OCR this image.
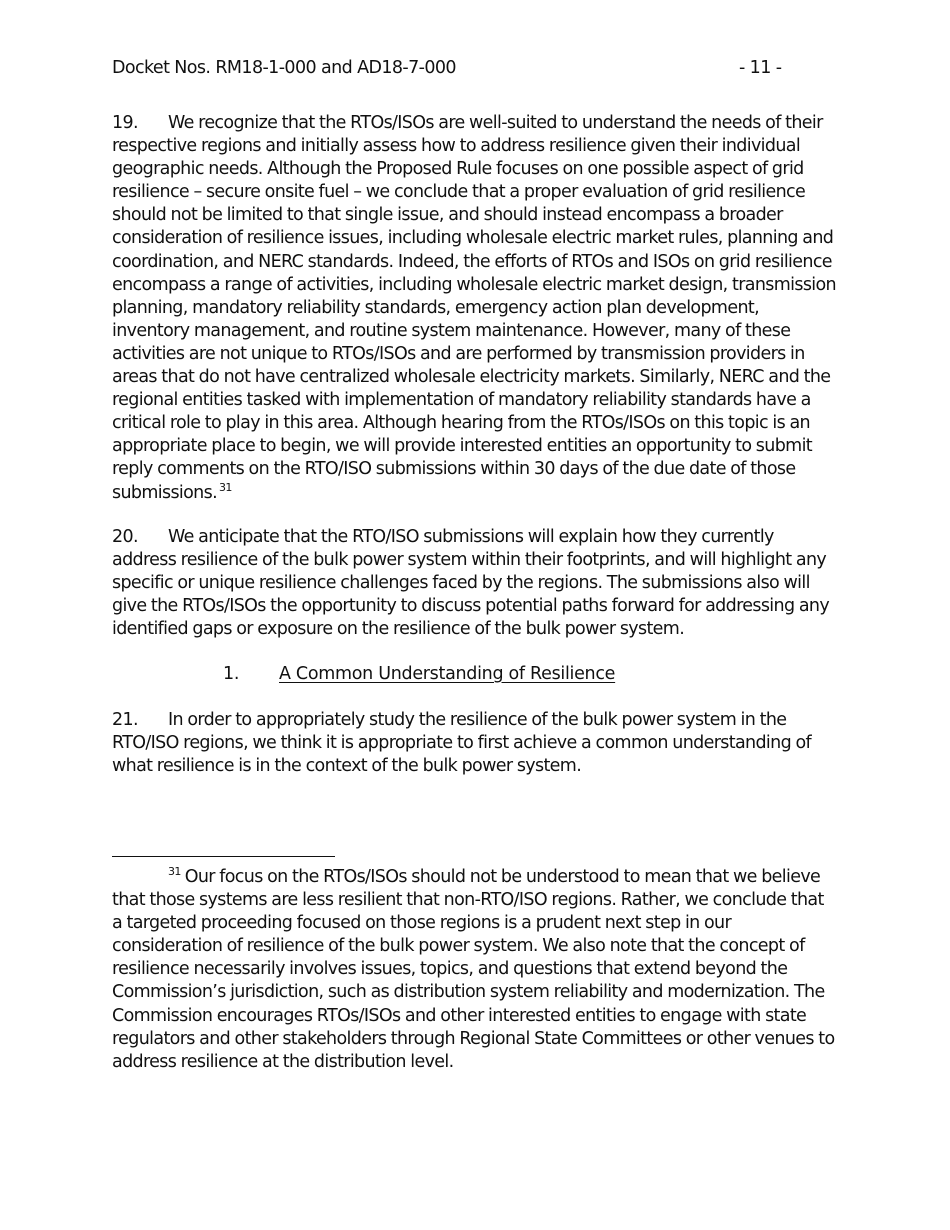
Docket Nos. RM18-1-000 and AD18-7-000	- 11 -

19. We recognize that the RTOs/ISOs are well-suited to understand the needs of their respective regions and initially assess how to address resilience given their individual geographic needs. Although the Proposed Rule focuses on one possible aspect of grid resilience – secure onsite fuel – we conclude that a proper evaluation of grid resilience should not be limited to that single issue, and should instead encompass a broader consideration of resilience issues, including wholesale electric market rules, planning and coordination, and NERC standards. Indeed, the efforts of RTOs and ISOs on grid resilience encompass a range of activities, including wholesale electric market design, transmission planning, mandatory reliability standards, emergency action plan development, inventory management, and routine system maintenance. However, many of these activities are not unique to RTOs/ISOs and are performed by transmission providers in areas that do not have centralized wholesale electricity markets. Similarly, NERC and the regional entities tasked with implementation of mandatory reliability standards have a critical role to play in this area. Although hearing from the RTOs/ISOs on this topic is an appropriate place to begin, we will provide interested entities an opportunity to submit reply comments on the RTO/ISO submissions within 30 days of the due date of those submissions. $^{31}$

20. We anticipate that the RTO/ISO submissions will explain how they currently address resilience of the bulk power system within their footprints, and will highlight any specific or unique resilience challenges faced by the regions. The submissions also will give the RTOs/ISOs the opportunity to discuss potential paths forward for addressing any identified gaps or exposure on the resilience of the bulk power system.

1. A Common Understanding of Resilience

21. In order to appropriately study the resilience of the bulk power system in the RTO/ISO regions, we think it is appropriate to first achieve a common understanding of what resilience is in the context of the bulk power system.

$^{31}$ Our focus on the RTOs/ISOs should not be understood to mean that we believe that those systems are less resilient that non-RTO/ISO regions. Rather, we conclude that a targeted proceeding focused on those regions is a prudent next step in our consideration of resilience of the bulk power system. We also note that the concept of resilience necessarily involves issues, topics, and questions that extend beyond the Commission’s jurisdiction, such as distribution system reliability and modernization. The Commission encourages RTOs/ISOs and other interested entities to engage with state regulators and other stakeholders through Regional State Committees or other venues to address resilience at the distribution level.
